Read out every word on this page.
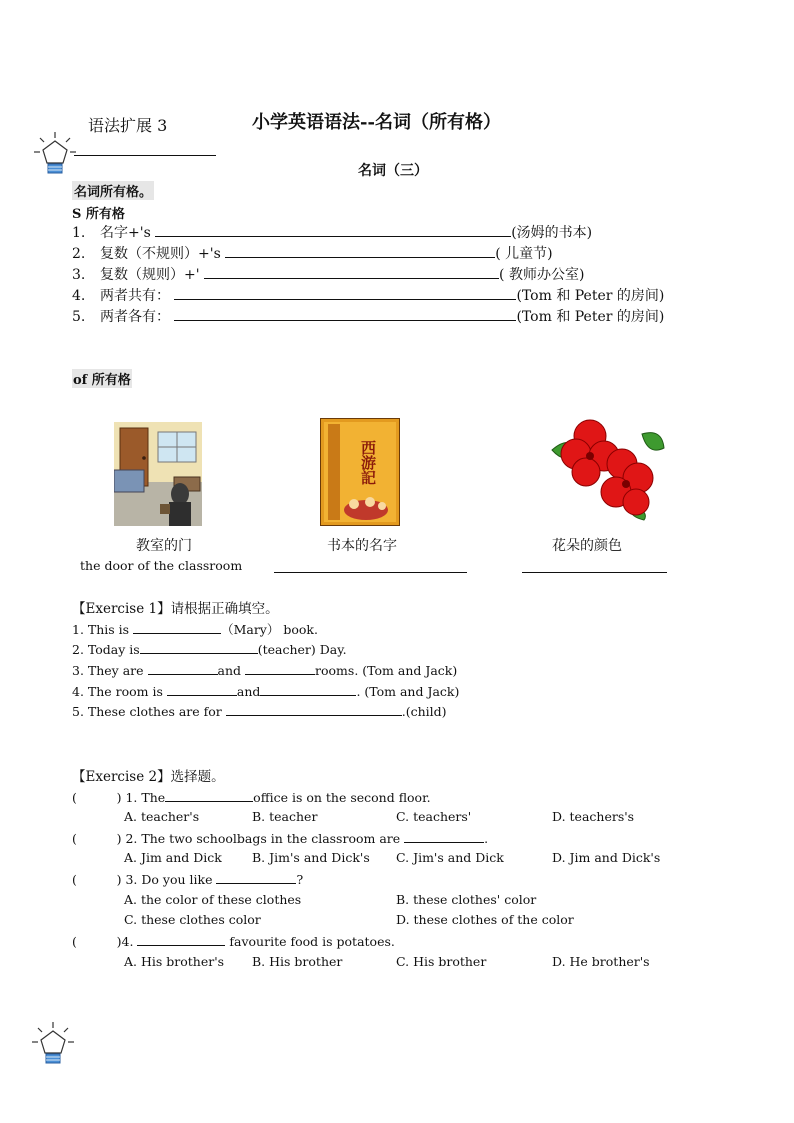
语法扩展 3	小学英语语法--名词（所有格）
名词（三）
名词所有格。
S 所有格
1. 名字+'s	(汤姆的书本)
2. 复数（不规则）+'s	( 儿童节)
3. 复数（规则）+'	( 教师办公室)
4. 两者共有：	(Tom 和 Peter 的房间)
5. 两者各有：	(Tom 和 Peter 的房间)
of 所有格
西游記
教室的门	书本的名字	花朵的颜色
the door of the classroom
【Exercise 1】请根据正确填空。
1. This is	（Mary） book.
2. Today is	(teacher) Day.
3. They are	and	rooms. (Tom and Jack)
4. The room is	and	. (Tom and Jack)
5. These clothes are for	.(child)
【Exercise 2】选择题。
(          ) 1. The	office is on the second floor.
A. teacher's	B. teacher	C. teachers'	D. teachers's
(          ) 2. The two schoolbags in the classroom are	.
A. Jim and Dick B. Jim's and Dick's C. Jim's and Dick	D. Jim and Dick's
(          ) 3. Do you like	?
A. the color of these clothes	B. these clothes' color
C. these clothes color	D. these clothes of the color
(          )4.	favourite food is potatoes.
A. His brother's B. His brother	C. His brother	D. He brother's
